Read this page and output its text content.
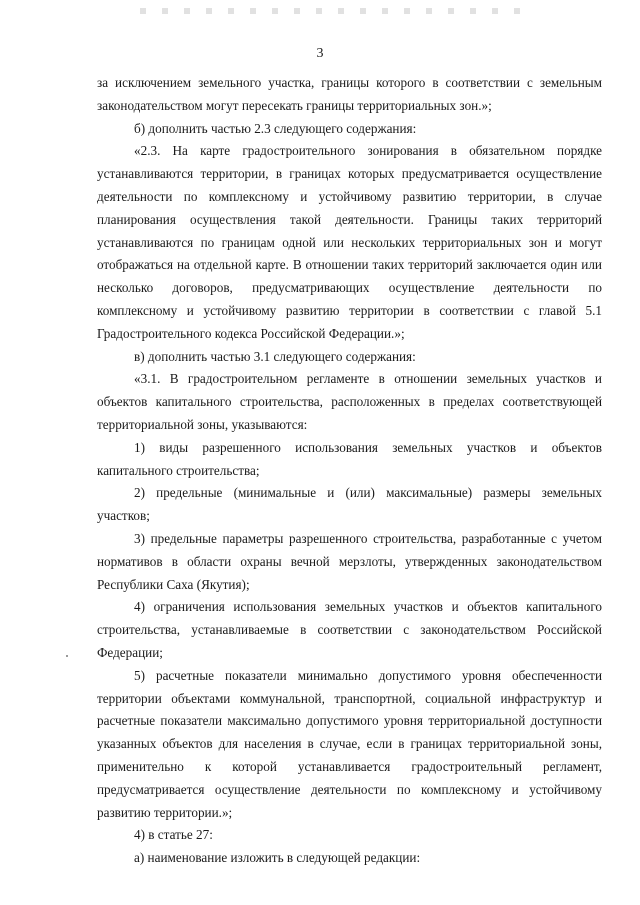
3

за исключением земельного участка, границы которого в соответствии с земельным законодательством могут пересекать границы территориальных зон.»;

б) дополнить частью 2.3 следующего содержания:

«2.3. На карте градостроительного зонирования в обязательном порядке устанавливаются территории, в границах которых предусматривается осуществление деятельности по комплексному и устойчивому развитию территории, в случае планирования осуществления такой деятельности. Границы таких территорий устанавливаются по границам одной или нескольких территориальных зон и могут отображаться на отдельной карте. В отношении таких территорий заключается один или несколько договоров, предусматривающих осуществление деятельности по комплексному и устойчивому развитию территории в соответствии с главой 5.1 Градостроительного кодекса Российской Федерации.»;

в) дополнить частью 3.1 следующего содержания:

«3.1. В градостроительном регламенте в отношении земельных участков и объектов капитального строительства, расположенных в пределах соответствующей территориальной зоны, указываются:

1) виды разрешенного использования земельных участков и объектов капитального строительства;

2) предельные (минимальные и (или) максимальные) размеры земельных участков;

3) предельные параметры разрешенного строительства, разработанные с учетом нормативов в области охраны вечной мерзлоты, утвержденных законодательством Республики Саха (Якутия);

4) ограничения использования земельных участков и объектов капитального строительства, устанавливаемые в соответствии с законодательством Российской Федерации;

5) расчетные показатели минимально допустимого уровня обеспеченности территории объектами коммунальной, транспортной, социальной инфраструктур и расчетные показатели максимально допустимого уровня территориальной доступности указанных объектов для населения в случае, если в границах территориальной зоны, применительно к которой устанавливается градостроительный регламент, предусматривается осуществление деятельности по комплексному и устойчивому развитию территории.»;

4) в статье 27:

а) наименование изложить в следующей редакции:
